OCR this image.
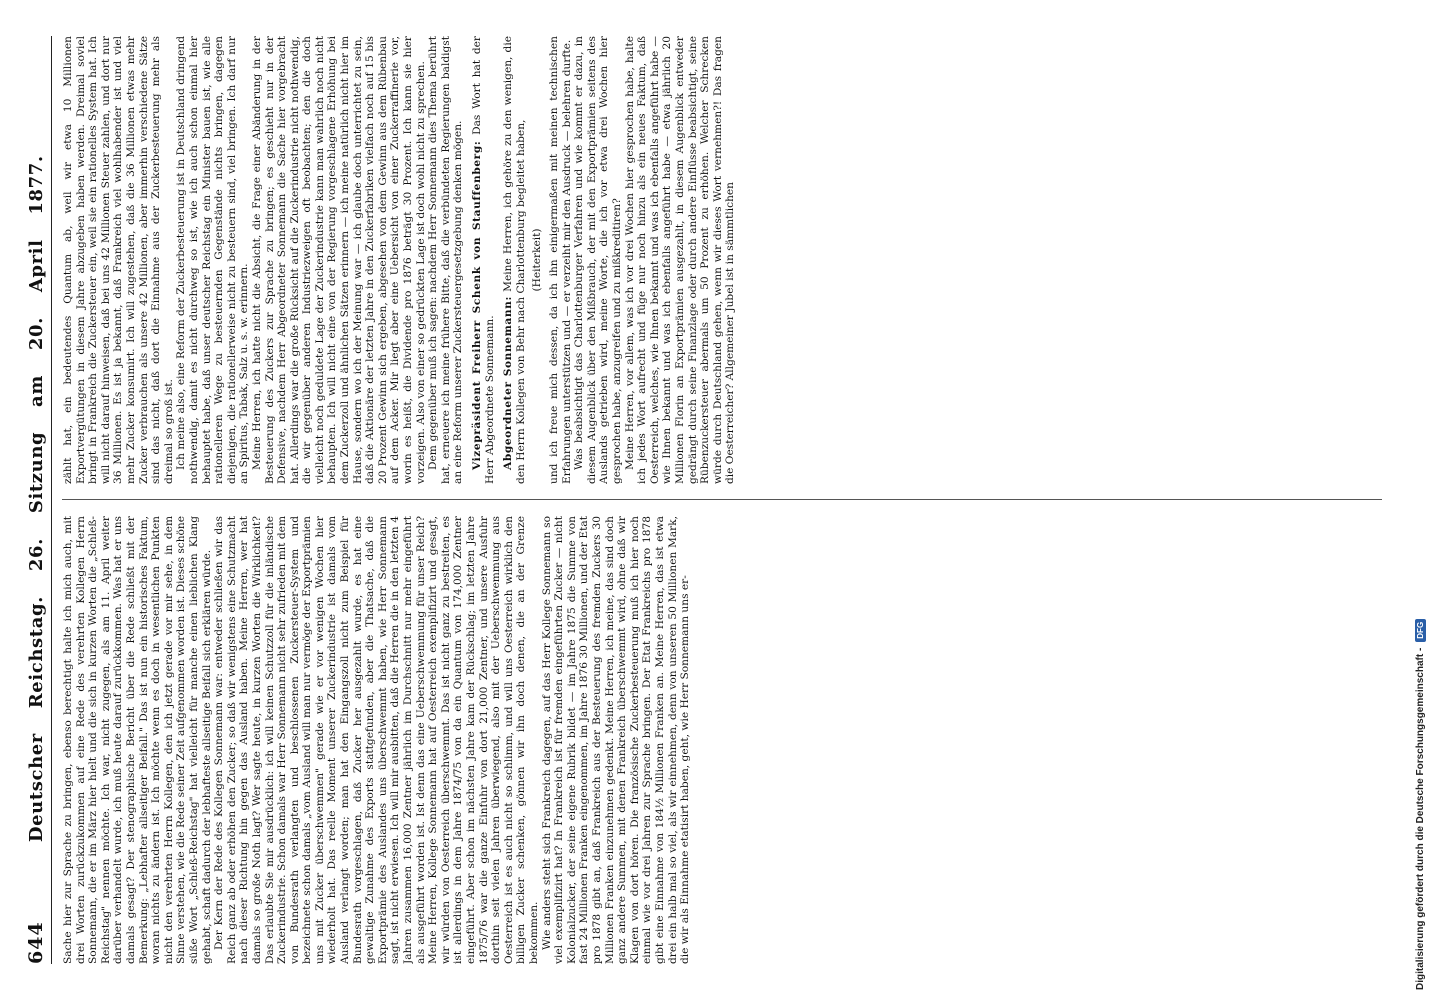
644
Deutscher Reichstag. 26. Sitzung am 20. April 1877. Sache hier zur Sprache zu bringen, ebenso berechtigt halte ich mich auch, mit drei Worten zurückzukommen auf eine Rede des verehrten Kollegen Herrn Sonnemann, die er im März hier hielt und die sich in kurzen Worten die „Schleß-Reichstag" nennen möchte. Ich war, nicht zugegen, als am 11. April weiter darüber verhandelt wurde, ich muß heute darauf zurückkommen. Was hat er uns damals gesagt? Der stenographische Bericht über die Rede schließt mit der Bemerkung: „Lebhafter allseitiger Beifall." Das ist nun ein historisches Faktum, woran nichts zu ändern ist. Ich möchte wenn es doch in wesentlichen Punkten nicht den verehrten Herrn Kollegen, den ich jetzt gerade vor mir sehe, in dem Sinne verstehen, wie die Rede seiner Zeit aufgenommen worden ist. Dieses schöne süße Wort „Schleß-Reichstag" hat vielleicht für manche einen lieblichen Klang gehabt, schaft dadurch der lebhafteste allseitige Beifall sich erklären würde. Der Kern der Rede des Kollegen Sonnemann war: entweder schließen wir das Reich ganz ab oder erhöhen den Zucker; so daß wir wenigstens eine Schutzmacht nach dieser Richtung hin gegen das Ausland haben. Meine Herren, wer hat damals so große Noth lagt? Wer sagte heute, in kurzen Worten die Wirklichkeit? Das erlaubte Sie mir ausdrücklich: ich will keinen Schutzzoll für die inländische Zuckerindustrie. Schon damals war Herr Sonnemann nicht sehr zufrieden mit dem von Bundesrath verlangten und beschlossenen Zuckersteuer-System und bezeichnete schon damals „vom Ausland will man nur vermöge der Exportprämien uns mit Zucker überschwemmen" gerade wie er vor wenigen Wochen hier wiederholt hat. Das reelle Moment unserer Zuckerindustrie ist damals vom Ausland verlangt worden; man hat den Eingangszoll nicht zum Beispiel für Bundesrath vorgeschlagen, daß Zucker her ausgezahlt wurde, es hat eine gewaltige Zunahme des Exports stattgefunden, aber die Thatsache, daß die Exportprämie des Auslandes uns überschwemmt haben, wie Herr Sonnemann sagt, ist nicht erwiesen. Ich will mir ausbitten, daß die Herren die in den letzten 4 Jahren zusammen 16,000 Zentner jährlich im Durchschnitt nur mehr eingeführt als ausgeführt worden ist. Ist denn das eine Ueberschwemmung für unser Reich? Meine Herren, Kollege Sonnemann hat auf Oesterreich exemplifizirt und gesagt, wir würden von Oesterreich überschwemmt. Das ist nicht ganz zu bestreiten, es ist allerdings in dem Jahre 1874/75 von da ein Quantum von 174,000 Zentner eingeführt. Aber schon im nächsten Jahre kam der Rückschlag; im letzten Jahre 1875/76 war die ganze Einfuhr von dort 21,000 Zentner, und unsere Ausfuhr dorthin seit vielen Jahren überwiegend, also mit der Ueberschwemmung aus Oesterreich ist es auch nicht so schlimm, und will uns Oesterreich wirklich den billigen Zucker schenken, gönnen wir ihn doch denen, die an der Grenze bekommen. Wie anders steht sich Frankreich dagegen, auf das Herr Kollege Sonnemann so viel exemplifizirt hat? In Frankreich ist für fremden eingeführten Zucker — nicht Kolonialzucker, der seine eigene Rubrik bildet — im Jahre 1875 die Summe von fast 24 Millionen Franken eingenommen, im Jahre 1876 30 Millionen, und der Etat pro 1878 gibt an, daß Frankreich aus der Besteuerung des fremden Zuckers 30 Millionen Franken einzunehmen gedenkt. Meine Herren, ich meine, das sind doch ganz andere Summen, mit denen Frankreich überschwemmt wird, ohne daß wir Klagen von dort hören. Die französische Zuckerbesteuerung muß ich hier noch einmal wie vor drei Jahren zur Sprache bringen. Der Etat Frankreichs pro 1878 gibt eine Einnahme von 184½ Millionen Franken an. Meine Herren, das ist etwa drei ein halb mal so viel, als wir einnehmen, denn von unseren 50 Millionen Mark, die wir als Einnahme etatisirt haben, geht, wie Herr Sonnemann uns er-

zählt hat, ein bedeutendes Quantum ab, weil wir etwa 10 Millionen Exportvergütungen in diesem Jahre abzugeben haben werden. Dreimal soviel bringt in Frankreich die Zuckersteuer ein, weil sie ein rationelles System hat. Ich will nicht darauf hinweisen, daß bei uns 42 Millionen Steuer zahlen, und dort nur 36 Millionen. Es ist ja bekannt, daß Frankreich viel wohlhabender ist und viel mehr Zucker konsumirt. Ich will zugestehen, daß die 36 Millionen etwas mehr Zucker verbrauchen als unsere 42 Millionen, aber immerhin verschiedene Sätze sind das nicht, daß dort die Einnahme aus der Zuckerbesteuerung mehr als dreimal so groß ist. Ich meine also, eine Reform der Zuckerbesteuerung ist in Deutschland dringend nothwendig, damit es nicht durchweg so ist, wie ich auch schon einmal hier behauptet habe, daß unser deutscher Reichstag ein Minister bauen ist, wie alle rationelleren Wege zu besteuernden Gegenstände nichts bringen, dagegen diejenigen, die rationellerweise nicht zu besteuern sind, viel bringen. Ich darf nur an Spiritus, Tabak, Salz u. s. w. erinnern. Meine Herren, ich hatte nicht die Absicht, die Frage einer Abänderung in der Besteuerung des Zuckers zur Sprache zu bringen; es geschieht nur in der Defensive, nachdem Herr Abgeordneter Sonnemann die Sache hier vorgebracht hat. Allerdings war die große Rücksicht auf die Zuckerindustrie nicht nothwendig, die wir gegenüber anderen Industriezweigen oft beobachten; den die doch vielleicht noch geduldete Lage der Zuckerindustrie kann man wahrlich noch nicht behaupten. Ich will nicht eine von der Regierung vorgeschlagene Erhöhung bei dem Zuckerzoll und ähnlichen Sätzen erinnern — ich meine natürlich nicht hier im Hause, sondern wo ich der Meinung war — ich glaube doch unterrichtet zu sein, daß die Aktionäre der letzten Jahre in den Zuckerfabriken vielfach noch auf 15 bis 20 Prozent Gewinn sich ergeben, abgesehen von dem Gewinn aus dem Rübenbau auf dem Acker. Mir liegt aber eine Uebersicht von einer Zuckerraffinerie vor, worin es heißt, die Dividende pro 1876 beträgt 30 Prozent. Ich kann sie hier vorzeigen. Also von einer so gedrückten Lage ist doch wohl nicht zu sprechen. Dem gegenüber muß ich sagen: nachdem Herr Sonnemann dies Thema berührt hat, erneuere ich meine frühere Bitte, daß die verbündeten Regierungen baldigst an eine Reform unserer Zuckersteuergesetzgebung denken mögen. Vizepräsident Freiherr Schenk von Stauffenberg: Das Wort hat der Herr Abgeordnete Sonnemann. Abgeordneter Sonnemann: Meine Herren, ich gehöre zu den wenigen, die den Herrn Kollegen von Behr nach Charlottenburg begleitet haben, (Heiterkeit) und ich freue mich dessen, da ich ihn einigermaßen mit meinen technischen Erfahrungen unterstützen und — er verzeiht mir den Ausdruck — belehren durfte. Was beabsichtigt das Charlottenburger Verfahren und wie kommt er dazu, in diesem Augenblick über den Mißbrauch, der mit den Exportprämien seitens des Auslands getrieben wird, meine Worte, die ich vor etwa drei Wochen hier gesprochen habe, anzugreifen und zu mißkreditiren? Meine Herren, vor allem, was ich vor drei Wochen hier gesprochen habe, halte ich jedes Wort aufrecht und füge nur noch hinzu als ein neues Faktum, daß Oesterreich, welches, wie Ihnen bekannt und was ich ebenfalls angeführt habe — wie Ihnen bekannt und was ich ebenfalls angeführt habe — etwa jährlich 20 Millionen Florin an Exportprämien ausgezahlt, in diesem Augenblick entweder gedrängt durch seine Finanzlage oder durch andere Einflüsse beabsichtigt, seine Rübenzuckersteuer abermals um 50 Prozent zu erhöhen. Welcher Schrecken würde durch Deutschland gehen, wenn wir dieses Wort vernehmen?! Das fragen die Oesterreicher? Allgemeiner Jubel ist in sämmtlichen

Digitalisierung gefördert durch die Deutsche Forschungsgemeinschaft -
DFG
